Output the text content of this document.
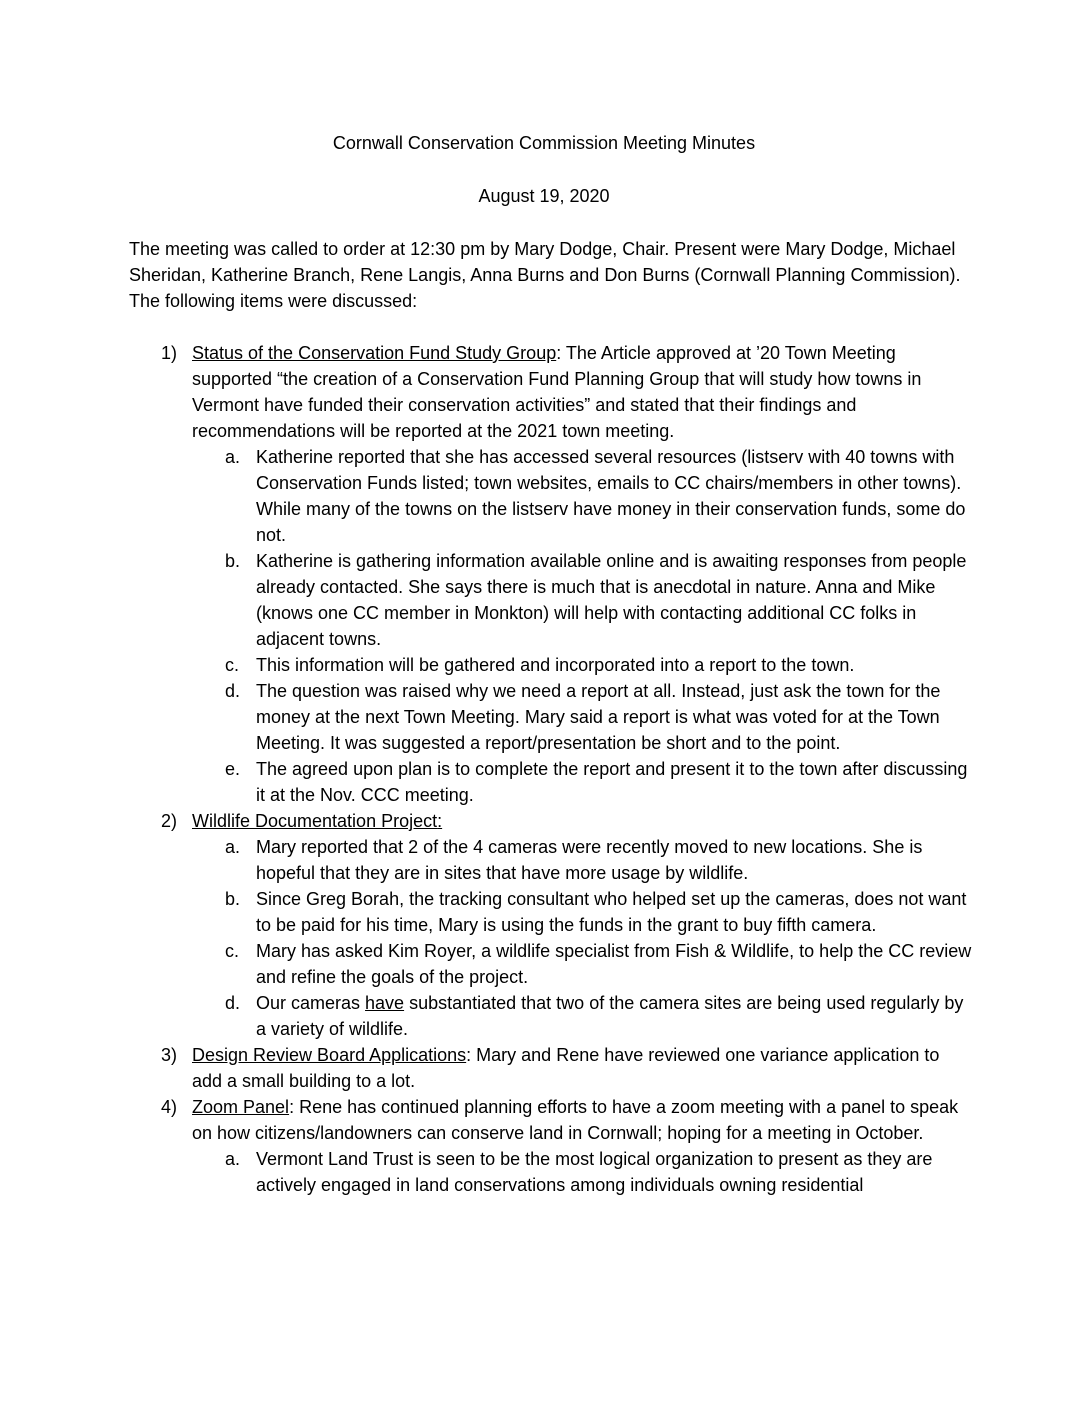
Cornwall Conservation Commission Meeting Minutes
August 19, 2020

The meeting was called to order at 12:30 pm by Mary Dodge, Chair. Present were Mary Dodge, Michael Sheridan, Katherine Branch, Rene Langis, Anna Burns and Don Burns (Cornwall Planning Commission). The following items were discussed:

1) Status of the Conservation Fund Study Group: The Article approved at ’20 Town Meeting supported “the creation of a Conservation Fund Planning Group that will study how towns in Vermont have funded their conservation activities” and stated that their findings and recommendations will be reported at the 2021 town meeting.
a. Katherine reported that she has accessed several resources (listserv with 40 towns with Conservation Funds listed; town websites, emails to CC chairs/members in other towns). While many of the towns on the listserv have money in their conservation funds, some do not.
b. Katherine is gathering information available online and is awaiting responses from people already contacted. She says there is much that is anecdotal in nature. Anna and Mike (knows one CC member in Monkton) will help with contacting additional CC folks in adjacent towns.
c. This information will be gathered and incorporated into a report to the town.
d. The question was raised why we need a report at all. Instead, just ask the town for the money at the next Town Meeting. Mary said a report is what was voted for at the Town Meeting. It was suggested a report/presentation be short and to the point.
e. The agreed upon plan is to complete the report and present it to the town after discussing it at the Nov. CCC meeting.
2) Wildlife Documentation Project:
a. Mary reported that 2 of the 4 cameras were recently moved to new locations. She is hopeful that they are in sites that have more usage by wildlife.
b. Since Greg Borah, the tracking consultant who helped set up the cameras, does not want to be paid for his time, Mary is using the funds in the grant to buy fifth camera.
c. Mary has asked Kim Royer, a wildlife specialist from Fish & Wildlife, to help the CC review and refine the goals of the project.
d. Our cameras have substantiated that two of the camera sites are being used regularly by a variety of wildlife.
3) Design Review Board Applications: Mary and Rene have reviewed one variance application to add a small building to a lot.
4) Zoom Panel: Rene has continued planning efforts to have a zoom meeting with a panel to speak on how citizens/landowners can conserve land in Cornwall; hoping for a meeting in October.
a. Vermont Land Trust is seen to be the most logical organization to present as they are actively engaged in land conservations among individuals owning residential
